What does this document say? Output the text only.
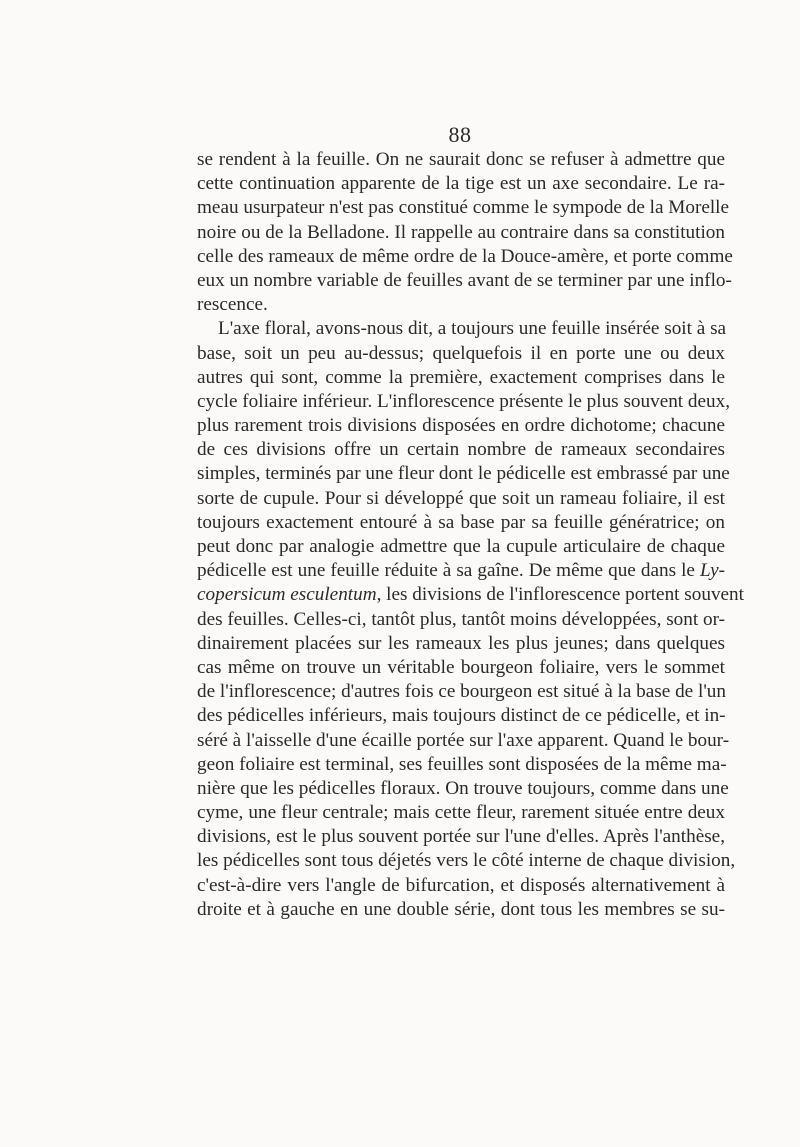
88
se rendent à la feuille. On ne saurait donc se refuser à admettre que
cette continuation apparente de la tige est un axe secondaire. Le ra-
meau usurpateur n'est pas constitué comme le sympode de la Morelle
noire ou de la Belladone. Il rappelle au contraire dans sa constitution
celle des rameaux de même ordre de la Douce-amère, et porte comme
eux un nombre variable de feuilles avant de se terminer par une inflo-
rescence.
L'axe floral, avons-nous dit, a toujours une feuille insérée soit à sa
base, soit un peu au-dessus; quelquefois il en porte une ou deux
autres qui sont, comme la première, exactement comprises dans le
cycle foliaire inférieur. L'inflorescence présente le plus souvent deux,
plus rarement trois divisions disposées en ordre dichotome; chacune
de ces divisions offre un certain nombre de rameaux secondaires
simples, terminés par une fleur dont le pédicelle est embrassé par une
sorte de cupule. Pour si développé que soit un rameau foliaire, il est
toujours exactement entouré à sa base par sa feuille génératrice; on
peut donc par analogie admettre que la cupule articulaire de chaque
pédicelle est une feuille réduite à sa gaîne. De même que dans le Ly-
copersicum esculentum, les divisions de l'inflorescence portent souvent
des feuilles. Celles-ci, tantôt plus, tantôt moins développées, sont or-
dinairement placées sur les rameaux les plus jeunes; dans quelques
cas même on trouve un véritable bourgeon foliaire, vers le sommet
de l'inflorescence; d'autres fois ce bourgeon est situé à la base de l'un
des pédicelles inférieurs, mais toujours distinct de ce pédicelle, et in-
séré à l'aisselle d'une écaille portée sur l'axe apparent. Quand le bour-
geon foliaire est terminal, ses feuilles sont disposées de la même ma-
nière que les pédicelles floraux. On trouve toujours, comme dans une
cyme, une fleur centrale; mais cette fleur, rarement située entre deux
divisions, est le plus souvent portée sur l'une d'elles. Après l'anthèse,
les pédicelles sont tous déjetés vers le côté interne de chaque division,
c'est-à-dire vers l'angle de bifurcation, et disposés alternativement à
droite et à gauche en une double série, dont tous les membres se su-
